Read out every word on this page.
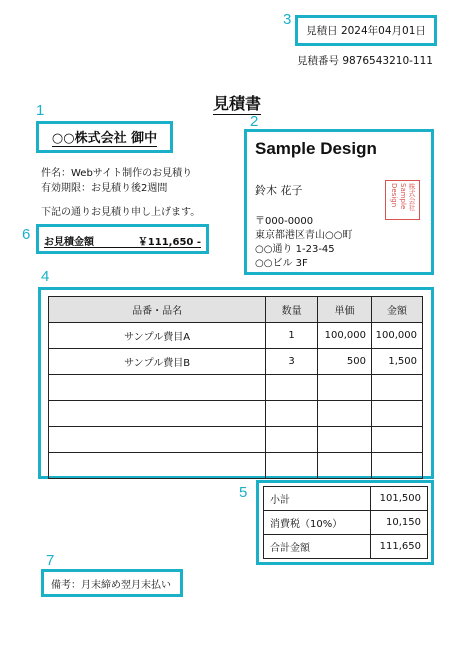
1
2
3
4
5
6
7
見積日 2024年04月01日
見積番号 9876543210-111
見積書
○○株式会社 御中
件名：Webサイト制作のお見積り
有効期限：お見積り後2週間
下記の通りお見積り申し上げます。
お見積金額	￥111,650 -
Sample Design
鈴木 花子	株式会社
Sample
Design
〒000-0000
東京都港区青山○○町
○○通り 1-23-45
○○ビル 3F
品番・品名	数量	単価	金額
サンプル費目A	1	100,000	100,000
サンプル費目B	3	500	1,500

小計	101,500
消費税（10%）	10,150
合計金額	111,650
備考：月末締め翌月末払い
